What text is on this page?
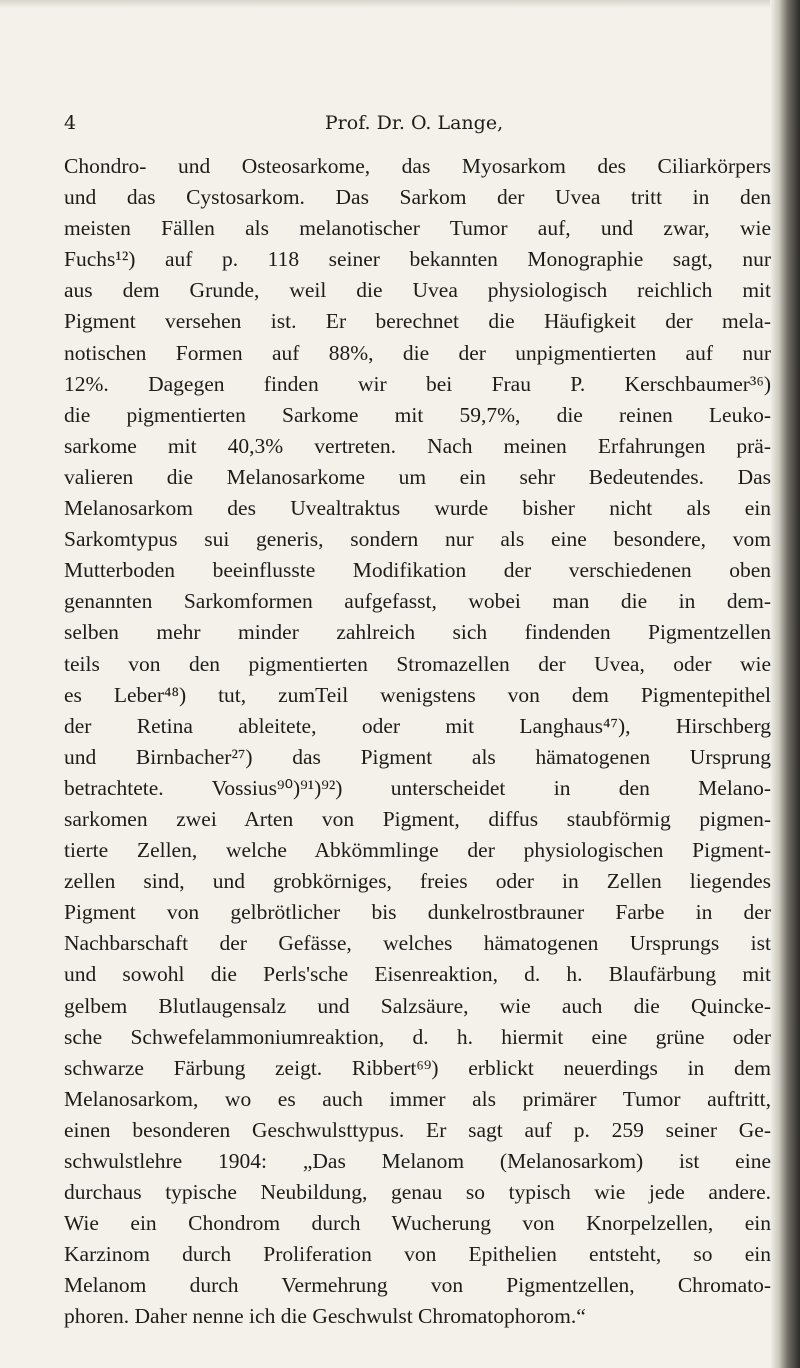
4	Prof. Dr. O. Lange,
Chondro- und Osteosarkome, das Myosarkom des Ciliarkörpers
und das Cystosarkom. Das Sarkom der Uvea tritt in den
meisten Fällen als melanotischer Tumor auf, und zwar, wie
Fuchs¹²) auf p. 118 seiner bekannten Monographie sagt, nur
aus dem Grunde, weil die Uvea physiologisch reichlich mit
Pigment versehen ist. Er berechnet die Häufigkeit der mela-
notischen Formen auf 88%, die der unpigmentierten auf nur
12%. Dagegen finden wir bei Frau P. Kerschbaumer³⁶)
die pigmentierten Sarkome mit 59,7%, die reinen Leuko-
sarkome mit 40,3% vertreten. Nach meinen Erfahrungen prä-
valieren die Melanosarkome um ein sehr Bedeutendes. Das
Melanosarkom des Uvealtraktus wurde bisher nicht als ein
Sarkomtypus sui generis, sondern nur als eine besondere, vom
Mutterboden beeinflusste Modifikation der verschiedenen oben
genannten Sarkomformen aufgefasst, wobei man die in dem-
selben mehr minder zahlreich sich findenden Pigmentzellen
teils von den pigmentierten Stromazellen der Uvea, oder wie
es Leber⁴⁸) tut, zumTeil wenigstens von dem Pigmentepithel
der Retina ableitete, oder mit Langhaus⁴⁷), Hirschberg
und Birnbacher²⁷) das Pigment als hämatogenen Ursprung
betrachtete. Vossius⁹⁰)⁹¹)⁹²) unterscheidet in den Melano-
sarkomen zwei Arten von Pigment, diffus staubförmig pigmen-
tierte Zellen, welche Abkömmlinge der physiologischen Pigment-
zellen sind, und grobkörniges, freies oder in Zellen liegendes
Pigment von gelbrötlicher bis dunkelrostbrauner Farbe in der
Nachbarschaft der Gefässe, welches hämatogenen Ursprungs ist
und sowohl die Perls'sche Eisenreaktion, d. h. Blaufärbung mit
gelbem Blutlaugensalz und Salzsäure, wie auch die Quincke-
sche Schwefelammoniumreaktion, d. h. hiermit eine grüne oder
schwarze Färbung zeigt. Ribbert⁶⁹) erblickt neuerdings in dem
Melanosarkom, wo es auch immer als primärer Tumor auftritt,
einen besonderen Geschwulsttypus. Er sagt auf p. 259 seiner Ge-
schwulstlehre 1904: „Das Melanom (Melanosarkom) ist eine
durchaus typische Neubildung, genau so typisch wie jede andere.
Wie ein Chondrom durch Wucherung von Knorpelzellen, ein
Karzinom durch Proliferation von Epithelien entsteht, so ein
Melanom durch Vermehrung von Pigmentzellen, Chromato-
phoren. Daher nenne ich die Geschwulst Chromatophorom.“
